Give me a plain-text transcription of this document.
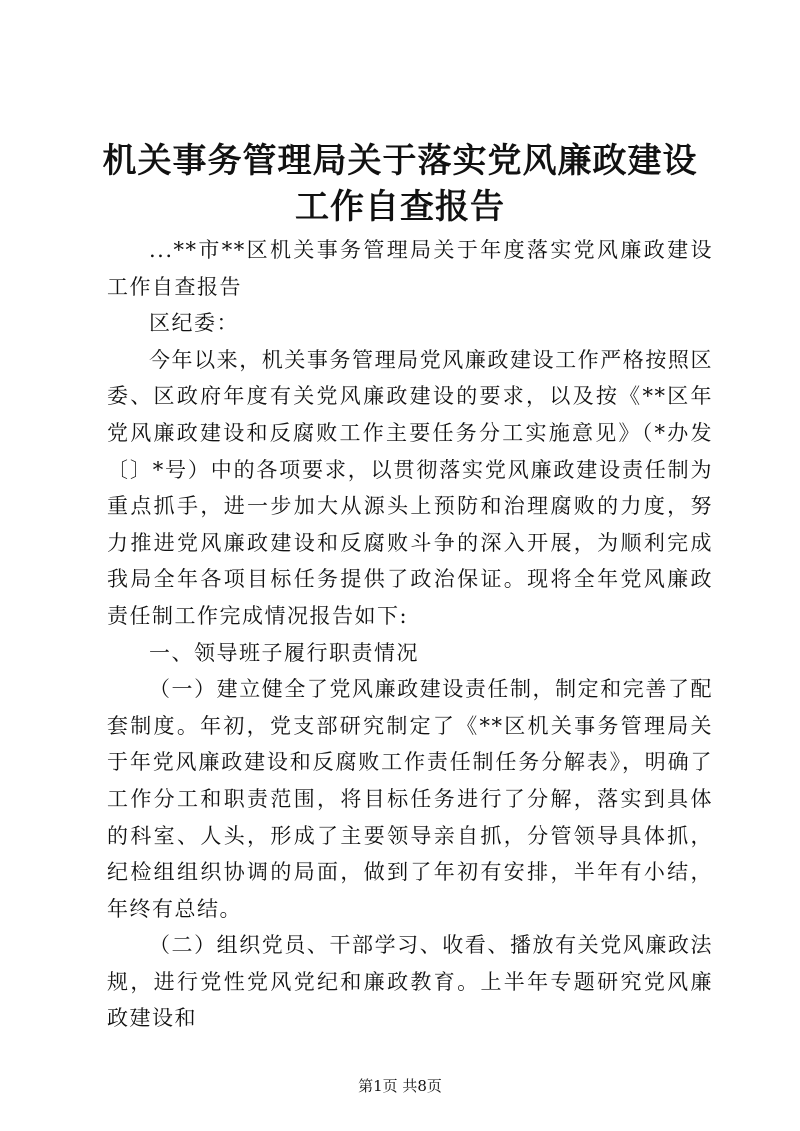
机关事务管理局关于落实党风廉政建设工作自查报告

...**市**区机关事务管理局关于年度落实党风廉政建设工作自查报告

区纪委：

今年以来，机关事务管理局党风廉政建设工作严格按照区委、区政府年度有关党风廉政建设的要求，以及按《**区年党风廉政建设和反腐败工作主要任务分工实施意见》（*办发〔〕*号）中的各项要求，以贯彻落实党风廉政建设责任制为重点抓手，进一步加大从源头上预防和治理腐败的力度，努力推进党风廉政建设和反腐败斗争的深入开展，为顺利完成我局全年各项目标任务提供了政治保证。现将全年党风廉政责任制工作完成情况报告如下:

一、领导班子履行职责情况

（一）建立健全了党风廉政建设责任制，制定和完善了配套制度。年初，党支部研究制定了《**区机关事务管理局关于年党风廉政建设和反腐败工作责任制任务分解表》，明确了工作分工和职责范围，将目标任务进行了分解，落实到具体的科室、人头，形成了主要领导亲自抓，分管领导具体抓，纪检组组织协调的局面，做到了年初有安排，半年有小结，年终有总结。

（二）组织党员、干部学习、收看、播放有关党风廉政法规，进行党性党风党纪和廉政教育。上半年专题研究党风廉政建设和

第1页 共8页
